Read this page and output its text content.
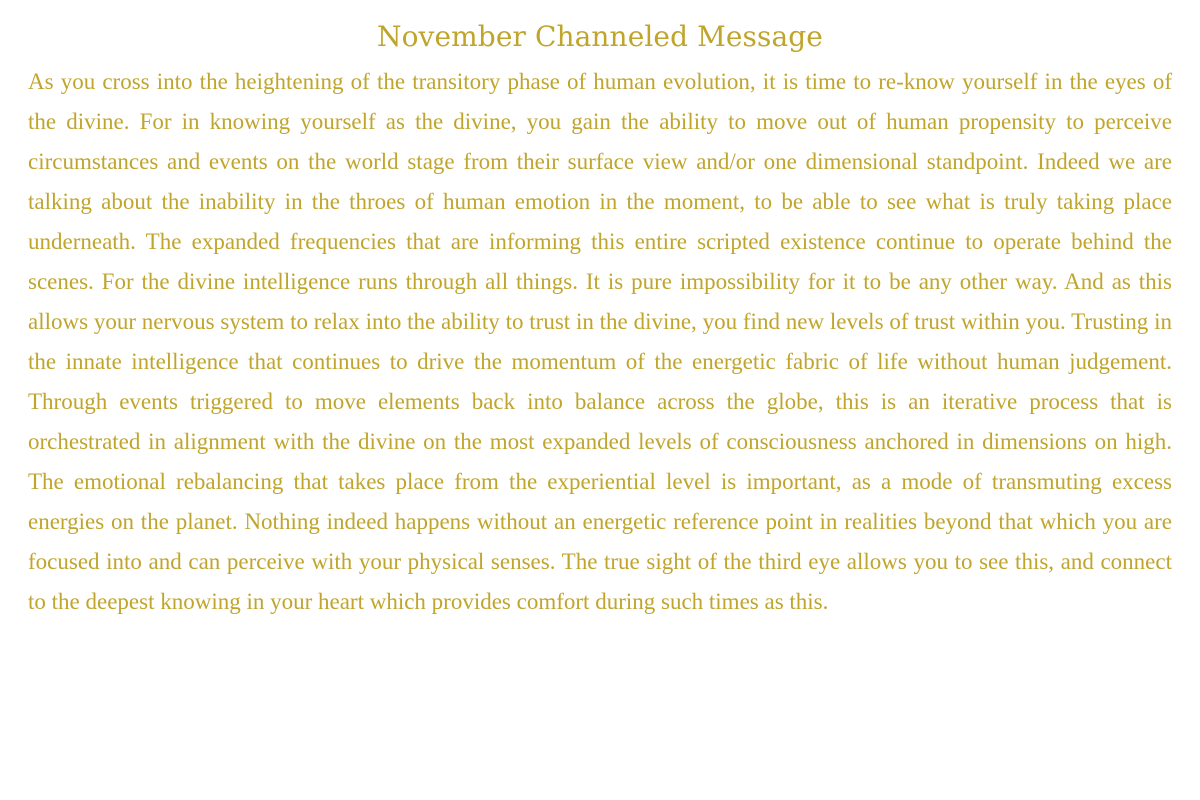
November Channeled Message

As you cross into the heightening of the transitory phase of human evolution, it is time to re-know yourself in the eyes of the divine. For in knowing yourself as the divine, you gain the ability to move out of human propensity to perceive circumstances and events on the world stage from their surface view and/or one dimensional standpoint. Indeed we are talking about the inability in the throes of human emotion in the moment, to be able to see what is truly taking place underneath. The expanded frequencies that are informing this entire scripted existence continue to operate behind the scenes. For the divine intelligence runs through all things. It is pure impossibility for it to be any other way. And as this allows your nervous system to relax into the ability to trust in the divine, you find new levels of trust within you. Trusting in the innate intelligence that continues to drive the momentum of the energetic fabric of life without human judgement. Through events triggered to move elements back into balance across the globe, this is an iterative process that is orchestrated in alignment with the divine on the most expanded levels of consciousness anchored in dimensions on high. The emotional rebalancing that takes place from the experiential level is important, as a mode of transmuting excess energies on the planet. Nothing indeed happens without an energetic reference point in realities beyond that which you are focused into and can perceive with your physical senses. The true sight of the third eye allows you to see this, and connect to the deepest knowing in your heart which provides comfort during such times as this.
